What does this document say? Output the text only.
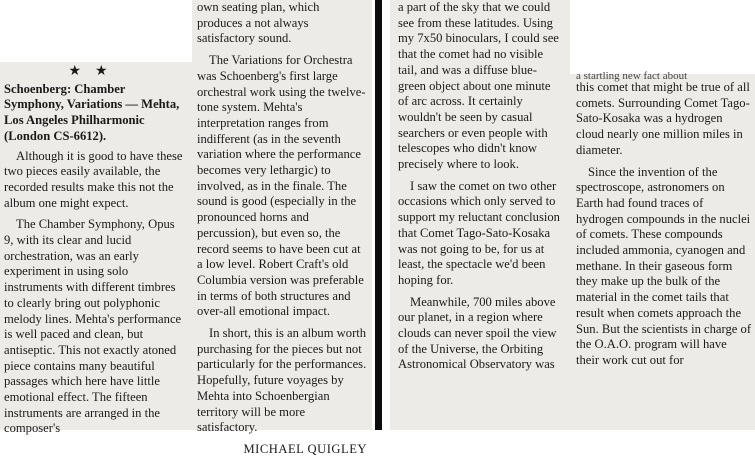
★★

Schoenberg: Chamber Symphony, Variations — Mehta, Los Angeles Philharmonic (London CS-6612).

Although it is good to have these two pieces easily available, the recorded results make this not the album one might expect.

The Chamber Symphony, Opus 9, with its clear and lucid orchestration, was an early experiment in using solo instruments with different timbres to clearly bring out polyphonic melody lines. Mehta's performance is well paced and clean, but antiseptic. This not exactly atoned piece contains many beautiful passages which here have little emotional effect. The fifteen instruments are arranged in the composer's

own seating plan, which produces a not always satisfactory sound.

The Variations for Orchestra was Schoenberg's first large orchestral work using the twelve-tone system. Mehta's interpretation ranges from indifferent (as in the seventh variation where the performance becomes very lethargic) to involved, as in the finale. The sound is good (especially in the pronounced horns and percussion), but even so, the record seems to have been cut at a low level. Robert Craft's old Columbia version was preferable in terms of both structures and over-all emotional impact.

In short, this is an album worth purchasing for the pieces but not particularly for the performances. Hopefully, future voyages by Mehta into Schoenbergian territory will be more satisfactory.

MICHAEL QUIGLEY

a part of the sky that we could see from these latitudes. Using my 7x50 binoculars, I could see that the comet had no visible tail, and was a diffuse blue-green object about one minute of arc across. It certainly wouldn't be seen by casual searchers or even people with telescopes who didn't know precisely where to look.

I saw the comet on two other occasions which only served to support my reluctant conclusion that Comet Tago-Sato-Kosaka was not going to be, for us at least, the spectacle we'd been hoping for.

Meanwhile, 700 miles above our planet, in a region where clouds can never spoil the view of the Universe, the Orbiting Astronomical Observatory was

a startling new fact about

this comet that might be true of all comets. Surrounding Comet Tago-Sato-Kosaka was a hydrogen cloud nearly one million miles in diameter.

Since the invention of the spectroscope, astronomers on Earth had found traces of hydrogen compounds in the nuclei of comets. These compounds included ammonia, cyanogen and methane. In their gaseous form they make up the bulk of the material in the comet tails that result when comets approach the Sun. But the scientists in charge of the O.A.O. program will have their work cut out for
